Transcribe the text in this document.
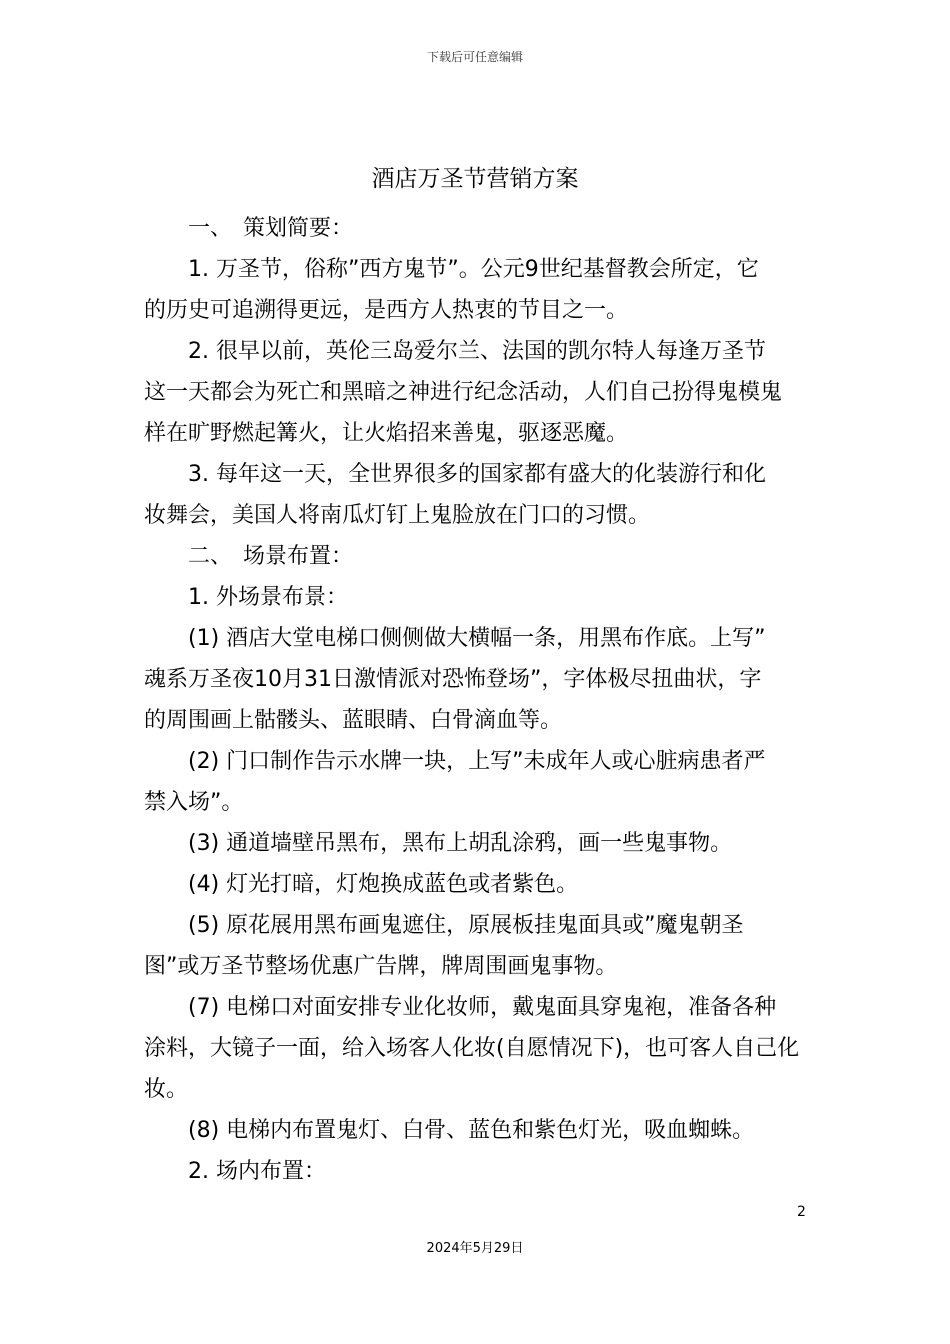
下载后可任意编辑
酒店万圣节营销方案

　　一、　策划简要：

　　1. 万圣节，俗称”西方鬼节”。公元9世纪基督教会所定，它

的历史可追溯得更远，是西方人热衷的节目之一。

　　2. 很早以前，英伦三岛爱尔兰、法国的凯尔特人每逢万圣节

这一天都会为死亡和黑暗之神进行纪念活动，人们自己扮得鬼模鬼

样在旷野燃起篝火，让火焰招来善鬼，驱逐恶魔。

　　3. 每年这一天，全世界很多的国家都有盛大的化装游行和化

妆舞会，美国人将南瓜灯钉上鬼脸放在门口的习惯。

　　二、　场景布置：

　　1. 外场景布景：

　　(1) 酒店大堂电梯口侧侧做大横幅一条，用黑布作底。上写”

魂系万圣夜10月31日激情派对恐怖登场”，字体极尽扭曲状，字

的周围画上骷髅头、蓝眼睛、白骨滴血等。

　　(2) 门口制作告示水牌一块，上写”未成年人或心脏病患者严

禁入场”。

　　(3) 通道墙壁吊黑布，黑布上胡乱涂鸦，画一些鬼事物。

　　(4) 灯光打暗，灯炮换成蓝色或者紫色。

　　(5) 原花展用黑布画鬼遮住，原展板挂鬼面具或”魔鬼朝圣

图”或万圣节整场优惠广告牌，牌周围画鬼事物。

　　(7) 电梯口对面安排专业化妆师，戴鬼面具穿鬼袍，准备各种

涂料，大镜子一面，给入场客人化妆(自愿情况下)，也可客人自己化

妆。

　　(8) 电梯内布置鬼灯、白骨、蓝色和紫色灯光，吸血蜘蛛。

　　2. 场内布置：

2
2024年5月29日
